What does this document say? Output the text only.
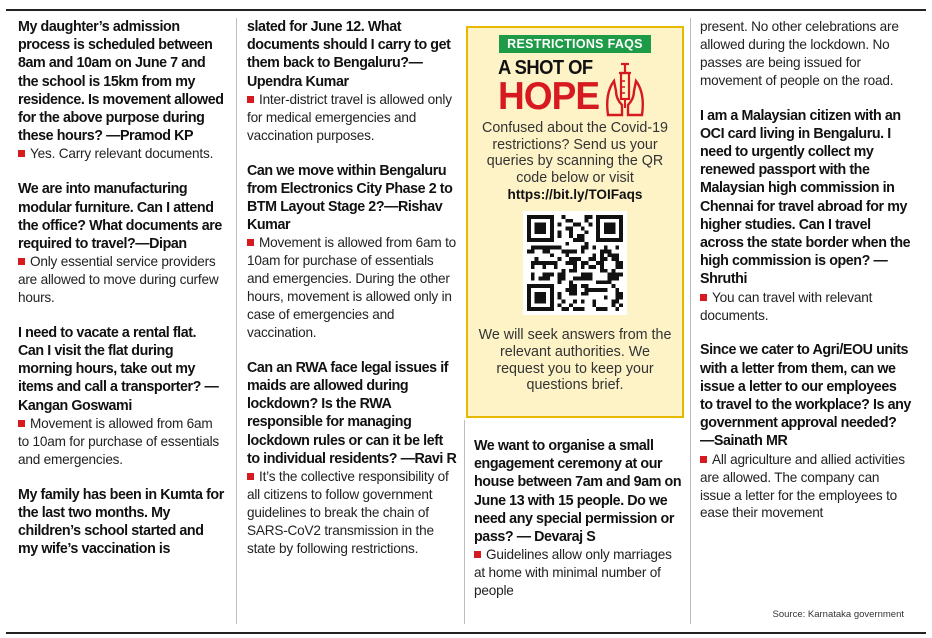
My daughter’s admission process is scheduled between 8am and 10am on June 7 and the school is 15km from my residence. Is movement allowed for the above purpose during these hours? —Pramod KP
Yes. Carry relevant documents.
We are into manufacturing modular furniture. Can I attend the office? What documents are required to travel?—Dipan
Only essential service providers are allowed to move during curfew hours.
I need to vacate a rental flat. Can I visit the flat during morning hours, take out my items and call a transporter? —Kangan Goswami
Movement is allowed from 6am to 10am for purchase of essentials and emergencies.
My family has been in Kumta for the last two months. My children’s school started and my wife’s vaccination is
slated for June 12. What documents should I carry to get them back to Bengaluru?—Upendra Kumar
Inter-district travel is allowed only for medical emergencies and vaccination purposes.
Can we move within Bengaluru from Electronics City Phase 2 to BTM Layout Stage 2?—Rishav Kumar
Movement is allowed from 6am to 10am for purchase of essentials and emergencies. During the other hours, movement is allowed only in case of emergencies and vaccination.
Can an RWA face legal issues if maids are allowed during lockdown? Is the RWA responsible for managing lockdown rules or can it be left to individual residents? —Ravi R
It’s the collective responsibility of all citizens to follow government guidelines to break the chain of SARS-CoV2 transmission in the state by following restrictions.
RESTRICTIONS FAQS
A SHOT OF
HOPE
Confused about the Covid-19 restrictions? Send us your queries by scanning the QR code below or visit
https://bit.ly/TOIFaqs
We will seek answers from the relevant authorities. We request you to keep your questions brief.
We want to organise a small engagement ceremony at our house between 7am and 9am on June 13 with 15 people. Do we need any special permission or pass? — Devaraj S
Guidelines allow only marriages at home with minimal number of people
present. No other celebrations are allowed during the lockdown. No passes are being issued for movement of people on the road.
I am a Malaysian citizen with an OCI card living in Bengaluru. I need to urgently collect my renewed passport with the Malaysian high commission in Chennai for travel abroad for my higher studies. Can I travel across the state border when the high commission is open? —Shruthi
You can travel with relevant documents.
Since we cater to Agri/EOU units with a letter from them, can we issue a letter to our employees to travel to the workplace? Is any government approval needed? —Sainath MR
All agriculture and allied activities are allowed. The company can issue a letter for the employees to ease their movement
Source: Karnataka government
